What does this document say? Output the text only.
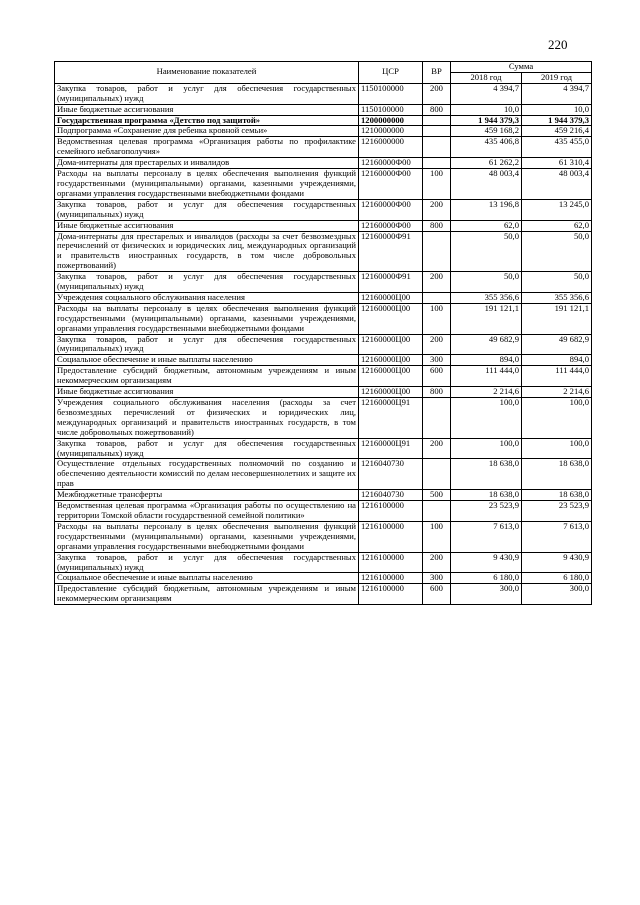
220
Наименование показателей	ЦСР	ВР	Сумма	
			2018 год	2019 год
Закупка товаров, работ и услуг для обеспечения государственных (муниципальных) нужд	1150100000	200	4 394,7	4 394,7
Иные бюджетные ассигнования	1150100000	800	10,0	10,0
Государственная программа «Детство под защитой»	1200000000		1 944 379,3	1 944 379,3
Подпрограмма «Сохранение для ребенка кровной семьи»	1210000000		459 168,2	459 216,4
Ведомственная целевая программа «Организация работы по профилактике семейного неблагополучия»	1216000000		435 406,8	435 455,0
Дома-интернаты для престарелых и инвалидов	12160000Ф00		61 262,2	61 310,4
Расходы на выплаты персоналу в целях обеспечения выполнения функций государственными (муниципальными) органами, казенными учреждениями, органами управления государственными внебюджетными фондами	12160000Ф00	100	48 003,4	48 003,4
Закупка товаров, работ и услуг для обеспечения государственных (муниципальных) нужд	12160000Ф00	200	13 196,8	13 245,0
Иные бюджетные ассигнования	12160000Ф00	800	62,0	62,0
Дома-интернаты для престарелых и инвалидов (расходы за счет безвозмездных перечислений от физических и юридических лиц, международных организаций и правительств иностранных государств, в том числе добровольных пожертвований)	12160000Ф91		50,0	50,0
Закупка товаров, работ и услуг для обеспечения государственных (муниципальных) нужд	12160000Ф91	200	50,0	50,0
Учреждения социального обслуживания населения	12160000Ц00		355 356,6	355 356,6
Расходы на выплаты персоналу в целях обеспечения выполнения функций государственными (муниципальными) органами, казенными учреждениями, органами управления государственными внебюджетными фондами	12160000Ц00	100	191 121,1	191 121,1
Закупка товаров, работ и услуг для обеспечения государственных (муниципальных) нужд	12160000Ц00	200	49 682,9	49 682,9
Социальное обеспечение и иные выплаты населению	12160000Ц00	300	894,0	894,0
Предоставление субсидий бюджетным, автономным учреждениям и иным некоммерческим организациям	12160000Ц00	600	111 444,0	111 444,0
Иные бюджетные ассигнования	12160000Ц00	800	2 214,6	2 214,6
Учреждения социального обслуживания населения (расходы за счет безвозмездных перечислений от физических и юридических лиц, международных организаций и правительств иностранных государств, в том числе добровольных пожертвований)	12160000Ц91		100,0	100,0
Закупка товаров, работ и услуг для обеспечения государственных (муниципальных) нужд	12160000Ц91	200	100,0	100,0
Осуществление отдельных государственных полномочий по созданию и обеспечению деятельности комиссий по делам несовершеннолетних и защите их прав	1216040730		18 638,0	18 638,0
Межбюджетные трансферты	1216040730	500	18 638,0	18 638,0
Ведомственная целевая программа «Организация работы по осуществлению на территории Томской области государственной семейной политики»	1216100000		23 523,9	23 523,9
Расходы на выплаты персоналу в целях обеспечения выполнения функций государственными (муниципальными) органами, казенными учреждениями, органами управления государственными внебюджетными фондами	1216100000	100	7 613,0	7 613,0
Закупка товаров, работ и услуг для обеспечения государственных (муниципальных) нужд	1216100000	200	9 430,9	9 430,9
Социальное обеспечение и иные выплаты населению	1216100000	300	6 180,0	6 180,0
Предоставление субсидий бюджетным, автономным учреждениям и иным некоммерческим организациям	1216100000	600	300,0	300,0
